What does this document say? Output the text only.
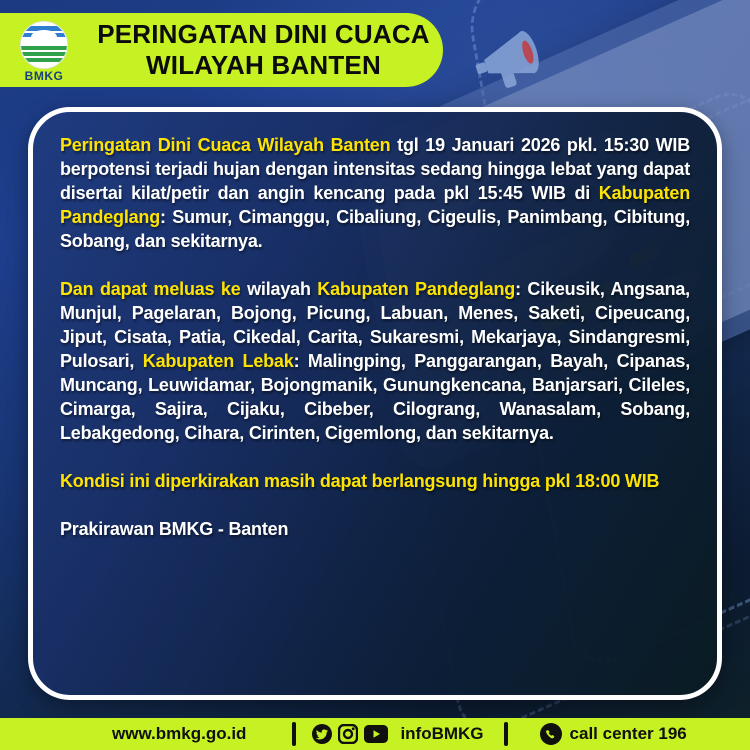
BMKG
PERINGATAN DINI CUACA
WILAYAH BANTEN

Peringatan Dini Cuaca Wilayah Banten tgl 19 Januari 2026 pkl. 15:30 WIB berpotensi terjadi hujan dengan intensitas sedang hingga lebat yang dapat disertai kilat/petir dan angin kencang pada pkl 15:45 WIB di Kabupaten Pandeglang: Sumur, Cimanggu, Cibaliung, Cigeulis, Panimbang, Cibitung, Sobang, dan sekitarnya.

Dan dapat meluas ke wilayah Kabupaten Pandeglang: Cikeusik, Angsana, Munjul, Pagelaran, Bojong, Picung, Labuan, Menes, Saketi, Cipeucang, Jiput, Cisata, Patia, Cikedal, Carita, Sukaresmi, Mekarjaya, Sindangresmi, Pulosari, Kabupaten Lebak: Malingping, Panggarangan, Bayah, Cipanas, Muncang, Leuwidamar, Bojongmanik, Gunungkencana, Banjarsari, Cileles, Cimarga, Sajira, Cijaku, Cibeber, Cilograng, Wanasalam, Sobang, Lebakgedong, Cihara, Cirinten, Cigemlong, dan sekitarnya.

Kondisi ini diperkirakan masih dapat berlangsung hingga pkl 18:00 WIB

Prakirawan BMKG - Banten

www.bmkg.go.id	infoBMKG	call center 196
